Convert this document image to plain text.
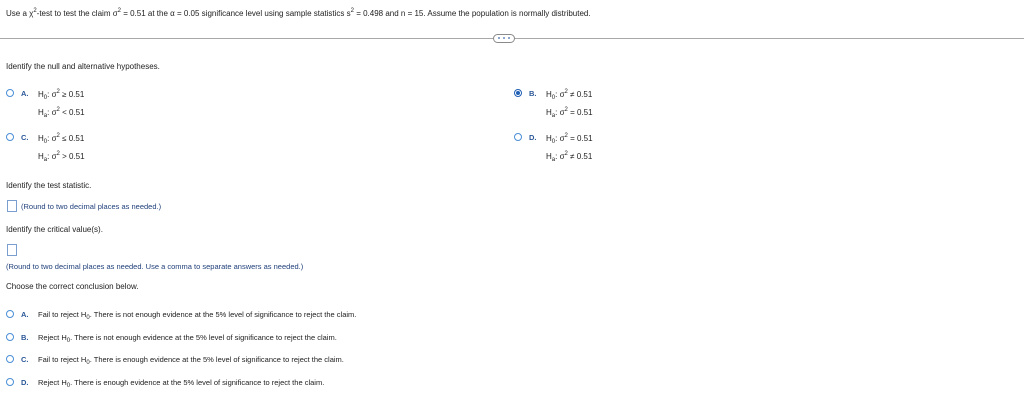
Use a $\chi^2$-test to test the claim $\sigma^2 = 0.51$ at the α = 0.05 significance level using sample statistics $s^2 = 0.498$ and n = 15. Assume the population is normally distributed.
Identify the null and alternative hypotheses.
A. $H_0$: $\sigma^2 \ge 0.51$
$H_a$: $\sigma^2 < 0.51$
C. $H_0$: $\sigma^2 \le 0.51$
$H_a$: $\sigma^2 > 0.51$
B. $H_0$: $\sigma^2 \ne 0.51$
$H_a$: $\sigma^2 = 0.51$
D. $H_0$: $\sigma^2 = 0.51$
$H_a$: $\sigma^2 \ne 0.51$
Identify the test statistic.
(Round to two decimal places as needed.)
Identify the critical value(s).
(Round to two decimal places as needed. Use a comma to separate answers as needed.)
Choose the correct conclusion below.
A. Fail to reject $H_0$. There is not enough evidence at the 5% level of significance to reject the claim.
B. Reject $H_0$. There is not enough evidence at the 5% level of significance to reject the claim.
C. Fail to reject $H_0$. There is enough evidence at the 5% level of significance to reject the claim.
D. Reject $H_0$. There is enough evidence at the 5% level of significance to reject the claim.
